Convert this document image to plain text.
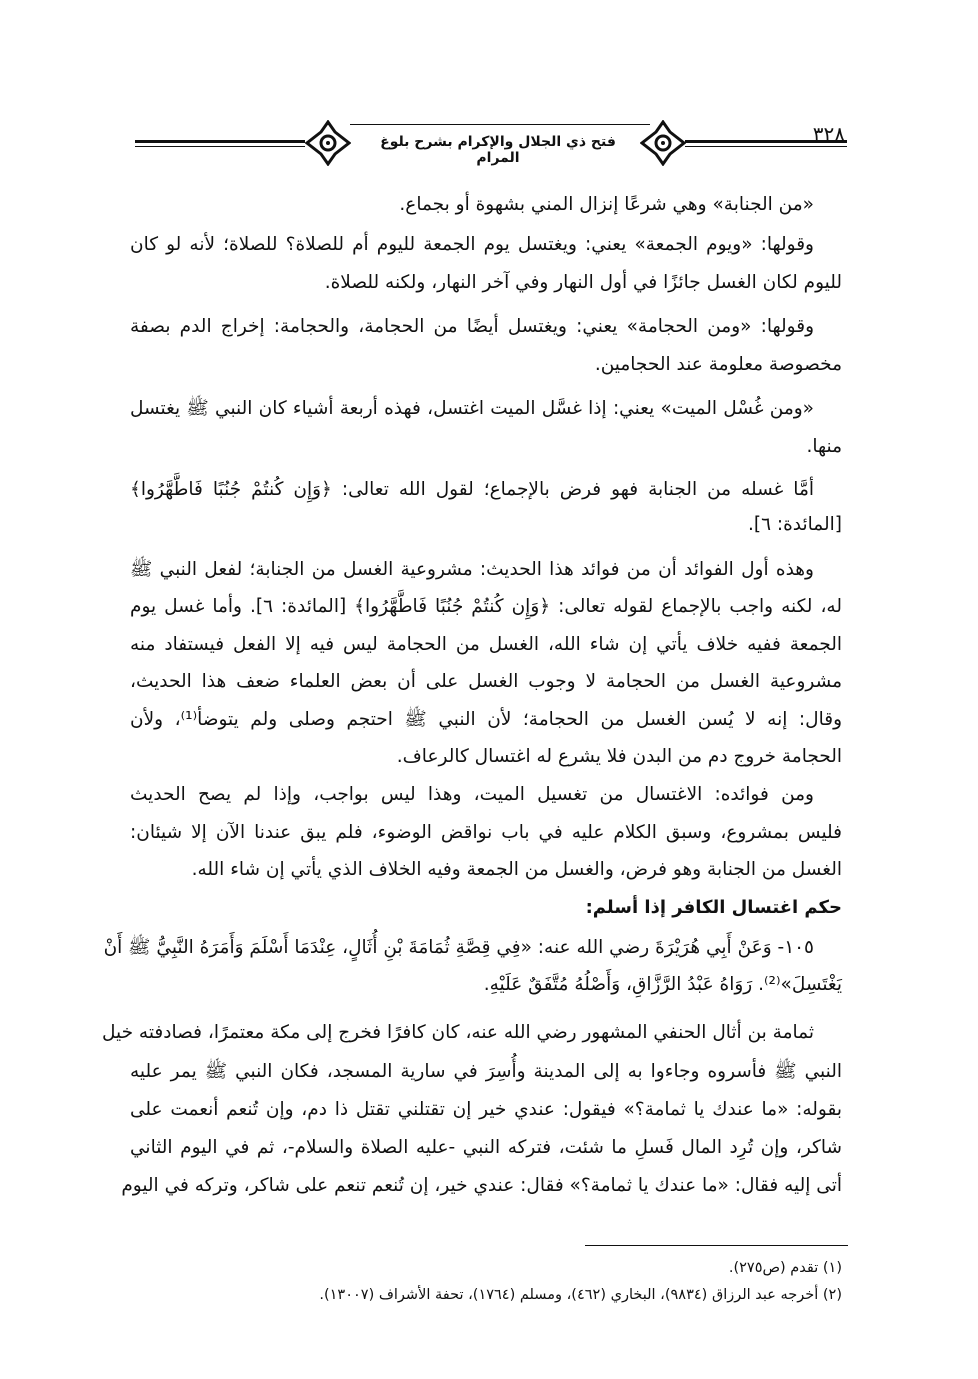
فتح ذي الجلال والإكرام بشرح بلوغ المرام
٣٢٨
«من الجنابة» وهي شرعًا إنزال المني بشهوة أو بجماع.
وقولها: «ويوم الجمعة» يعني: ويغتسل يوم الجمعة لليوم أم للصلاة؟ للصلاة؛ لأنه لو كان
لليوم لكان الغسل جائزًا في أول النهار وفي آخر النهار، ولكنه للصلاة.
وقولها: «ومن الحجامة» يعني: ويغتسل أيضًا من الحجامة، والحجامة: إخراج الدم بصفة
مخصوصة معلومة عند الحجامين.
«ومن غُسْل الميت» يعني: إذا غسَّل الميت اغتسل، فهذه أربعة أشياء كان النبي ﷺ يغتسل
منها.
أمَّا غسله من الجنابة فهو فرض بالإجماع؛ لقول الله تعالى: ﴿وَإِن كُنتُمْ جُنُبًا فَاطَّهَّرُوا﴾
[المائدة: ٦].
وهذه أول الفوائد أن من فوائد هذا الحديث: مشروعية الغسل من الجنابة؛ لفعل النبي ﷺ
له، لكنه واجب بالإجماع لقوله تعالى: ﴿وَإِن كُنتُمْ جُنُبًا فَاطَّهَّرُوا﴾ [المائدة: ٦]. وأما غسل يوم
الجمعة ففيه خلاف يأتي إن شاء الله، الغسل من الحجامة ليس فيه إلا الفعل فيستفاد منه
مشروعية الغسل من الحجامة لا وجوب الغسل على أن بعض العلماء ضعف هذا الحديث،
وقال: إنه لا يُسن الغسل من الحجامة؛ لأن النبي ﷺ احتجم وصلى ولم يتوضأ⁽¹⁾، ولأن
الحجامة خروج دم من البدن فلا يشرع له اغتسال كالرعاف.
ومن فوائده: الاغتسال من تغسيل الميت، وهذا ليس بواجب، وإذا لم يصح الحديث
فليس بمشروع، وسبق الكلام عليه في باب نواقض الوضوء، فلم يبق عندنا الآن إلا شيئان:
الغسل من الجنابة وهو فرض، والغسل من الجمعة وفيه الخلاف الذي يأتي إن شاء الله.
حكم اغتسال الكافر إذا أسلم:
١٠٥- وَعَنْ أَبِي هُرَيْرَةَ رضي الله عنه: «فِي قِصَّةِ ثُمَامَةَ بْنِ أُثَالٍ، عِنْدَمَا أَسْلَمَ وَأَمَرَهُ النَّبِيُّ ﷺ أَنْ
يَغْتَسِلَ»⁽²⁾. رَوَاهُ عَبْدُ الرَّزَّاقِ، وَأَصْلُهُ مُتَّفَقٌ عَلَيْهِ.
ثمامة بن أثال الحنفي المشهور رضي الله عنه، كان كافرًا فخرج إلى مكة معتمرًا، فصادفته خيل
النبي ﷺ فأسروه وجاءوا به إلى المدينة وأُسِرَ في سارية المسجد، فكان النبي ﷺ يمر عليه
بقوله: «ما عندك يا ثمامة؟» فيقول: عندي خير إن تقتلني تقتل ذا دم، وإن تُنعم أنعمت على
شاكر، وإن تُرِد المال فَسلِ ما شئت، فتركه النبي -عليه الصلاة والسلام-، ثم في اليوم الثاني
أتى إليه فقال: «ما عندك يا ثمامة؟» فقال: عندي خير، إن تُنعم تنعم على شاكر، وتركه في اليوم
(١) تقدم (ص٢٧٥).
(٢) أخرجه عبد الرزاق (٩٨٣٤)، البخاري (٤٦٢)، ومسلم (١٧٦٤)، تحفة الأشراف (١٣٠٠٧).
